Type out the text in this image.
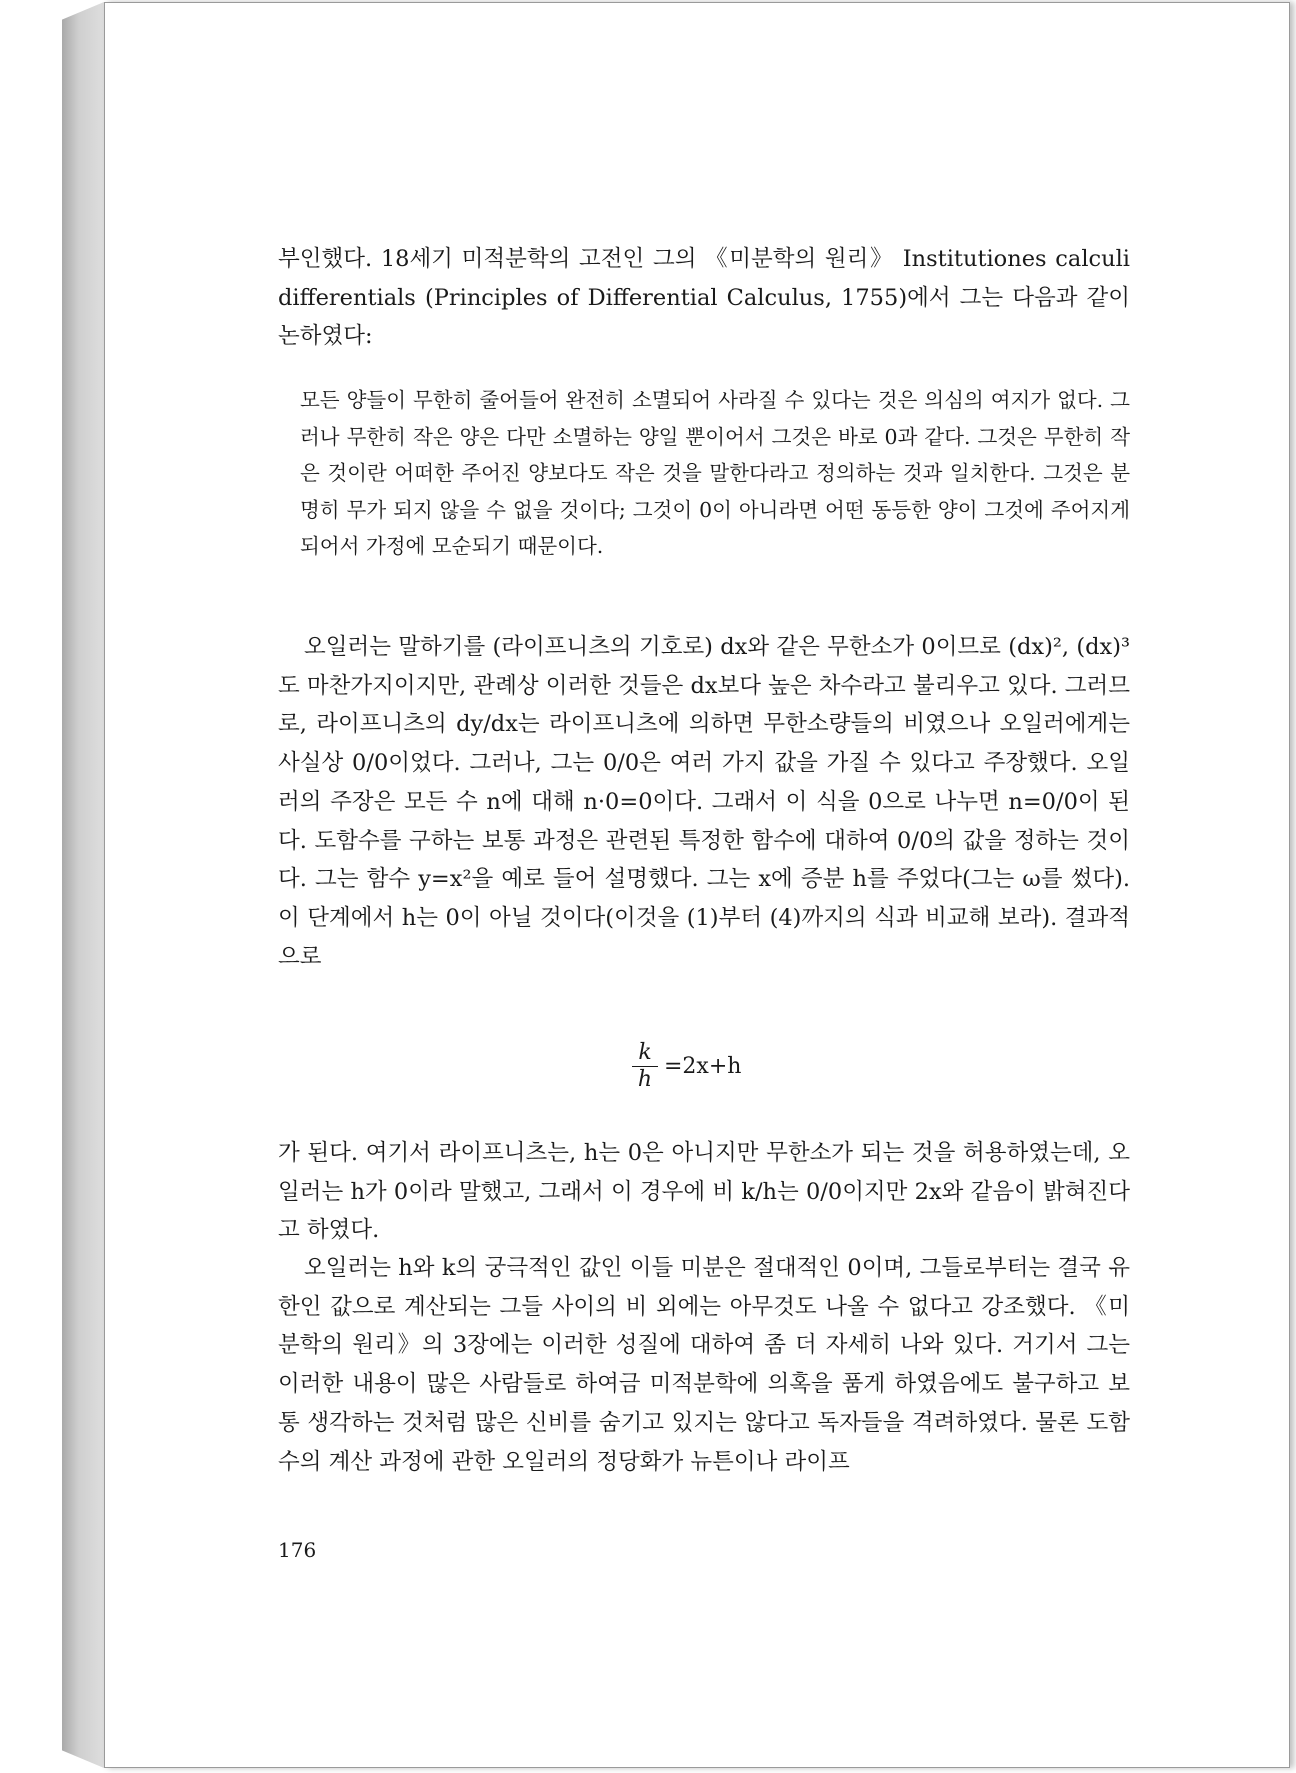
부인했다. 18세기 미적분학의 고전인 그의 《미분학의 원리》 Institutiones calculi differentials (Principles of Differential Calculus, 1755)에서 그는 다음과 같이 논하였다:
모든 양들이 무한히 줄어들어 완전히 소멸되어 사라질 수 있다는 것은 의심의 여지가 없다. 그러나 무한히 작은 양은 다만 소멸하는 양일 뿐이어서 그것은 바로 0과 같다. 그것은 무한히 작은 것이란 어떠한 주어진 양보다도 작은 것을 말한다라고 정의하는 것과 일치한다. 그것은 분명히 무가 되지 않을 수 없을 것이다; 그것이 0이 아니라면 어떤 동등한 양이 그것에 주어지게 되어서 가정에 모순되기 때문이다.
오일러는 말하기를 (라이프니츠의 기호로) dx와 같은 무한소가 0이므로 (dx)², (dx)³도 마찬가지이지만, 관례상 이러한 것들은 dx보다 높은 차수라고 불리우고 있다. 그러므로, 라이프니츠의 dy/dx는 라이프니츠에 의하면 무한소량들의 비였으나 오일러에게는 사실상 0/0이었다. 그러나, 그는 0/0은 여러 가지 값을 가질 수 있다고 주장했다. 오일러의 주장은 모든 수 n에 대해 n·0=0이다. 그래서 이 식을 0으로 나누면 n=0/0이 된다. 도함수를 구하는 보통 과정은 관련된 특정한 함수에 대하여 0/0의 값을 정하는 것이다. 그는 함수 y=x²을 예로 들어 설명했다. 그는 x에 증분 h를 주었다(그는 ω를 썼다). 이 단계에서 h는 0이 아닐 것이다(이것을 (1)부터 (4)까지의 식과 비교해 보라). 결과적으로
k
h
=2x+h
가 된다. 여기서 라이프니츠는, h는 0은 아니지만 무한소가 되는 것을 허용하였는데, 오일러는 h가 0이라 말했고, 그래서 이 경우에 비 k/h는 0/0이지만 2x와 같음이 밝혀진다고 하였다.
오일러는 h와 k의 궁극적인 값인 이들 미분은 절대적인 0이며, 그들로부터는 결국 유한인 값으로 계산되는 그들 사이의 비 외에는 아무것도 나올 수 없다고 강조했다. 《미분학의 원리》의 3장에는 이러한 성질에 대하여 좀 더 자세히 나와 있다. 거기서 그는 이러한 내용이 많은 사람들로 하여금 미적분학에 의혹을 품게 하였음에도 불구하고 보통 생각하는 것처럼 많은 신비를 숨기고 있지는 않다고 독자들을 격려하였다. 물론 도함수의 계산 과정에 관한 오일러의 정당화가 뉴튼이나 라이프
176
